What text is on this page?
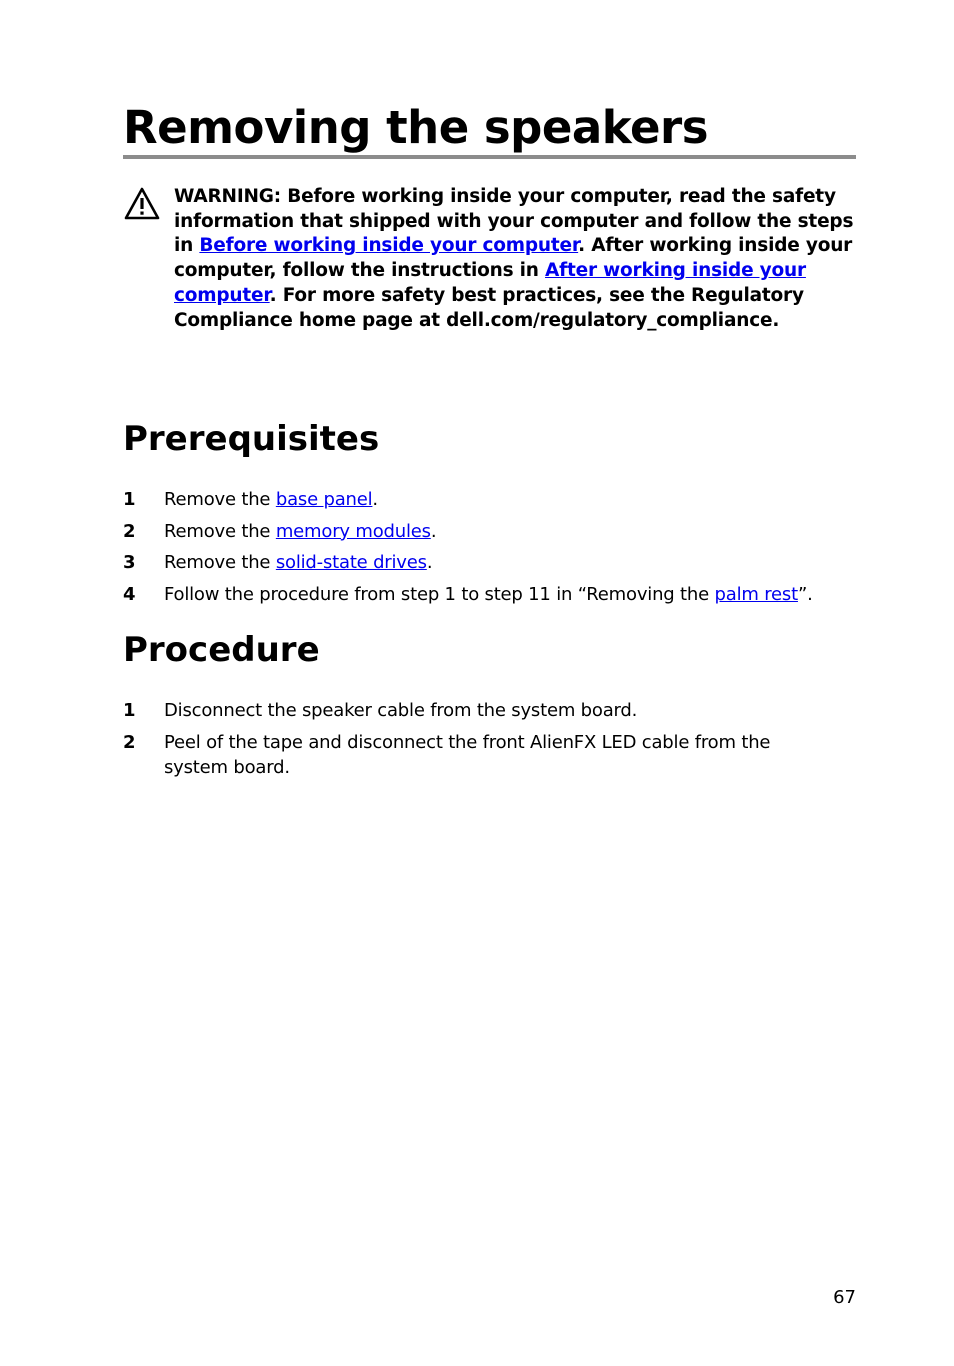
Removing the speakers

WARNING: Before working inside your computer, read the safety information that shipped with your computer and follow the steps in Before working inside your computer. After working inside your computer, follow the instructions in After working inside your computer. For more safety best practices, see the Regulatory Compliance home page at dell.com/regulatory_compliance.

Prerequisites
1 Remove the base panel.
2 Remove the memory modules.
3 Remove the solid-state drives.
4 Follow the procedure from step 1 to step 11 in “Removing the palm rest”.
Procedure
1 Disconnect the speaker cable from the system board.
2 Peel of the tape and disconnect the front AlienFX LED cable from the system board.
67
